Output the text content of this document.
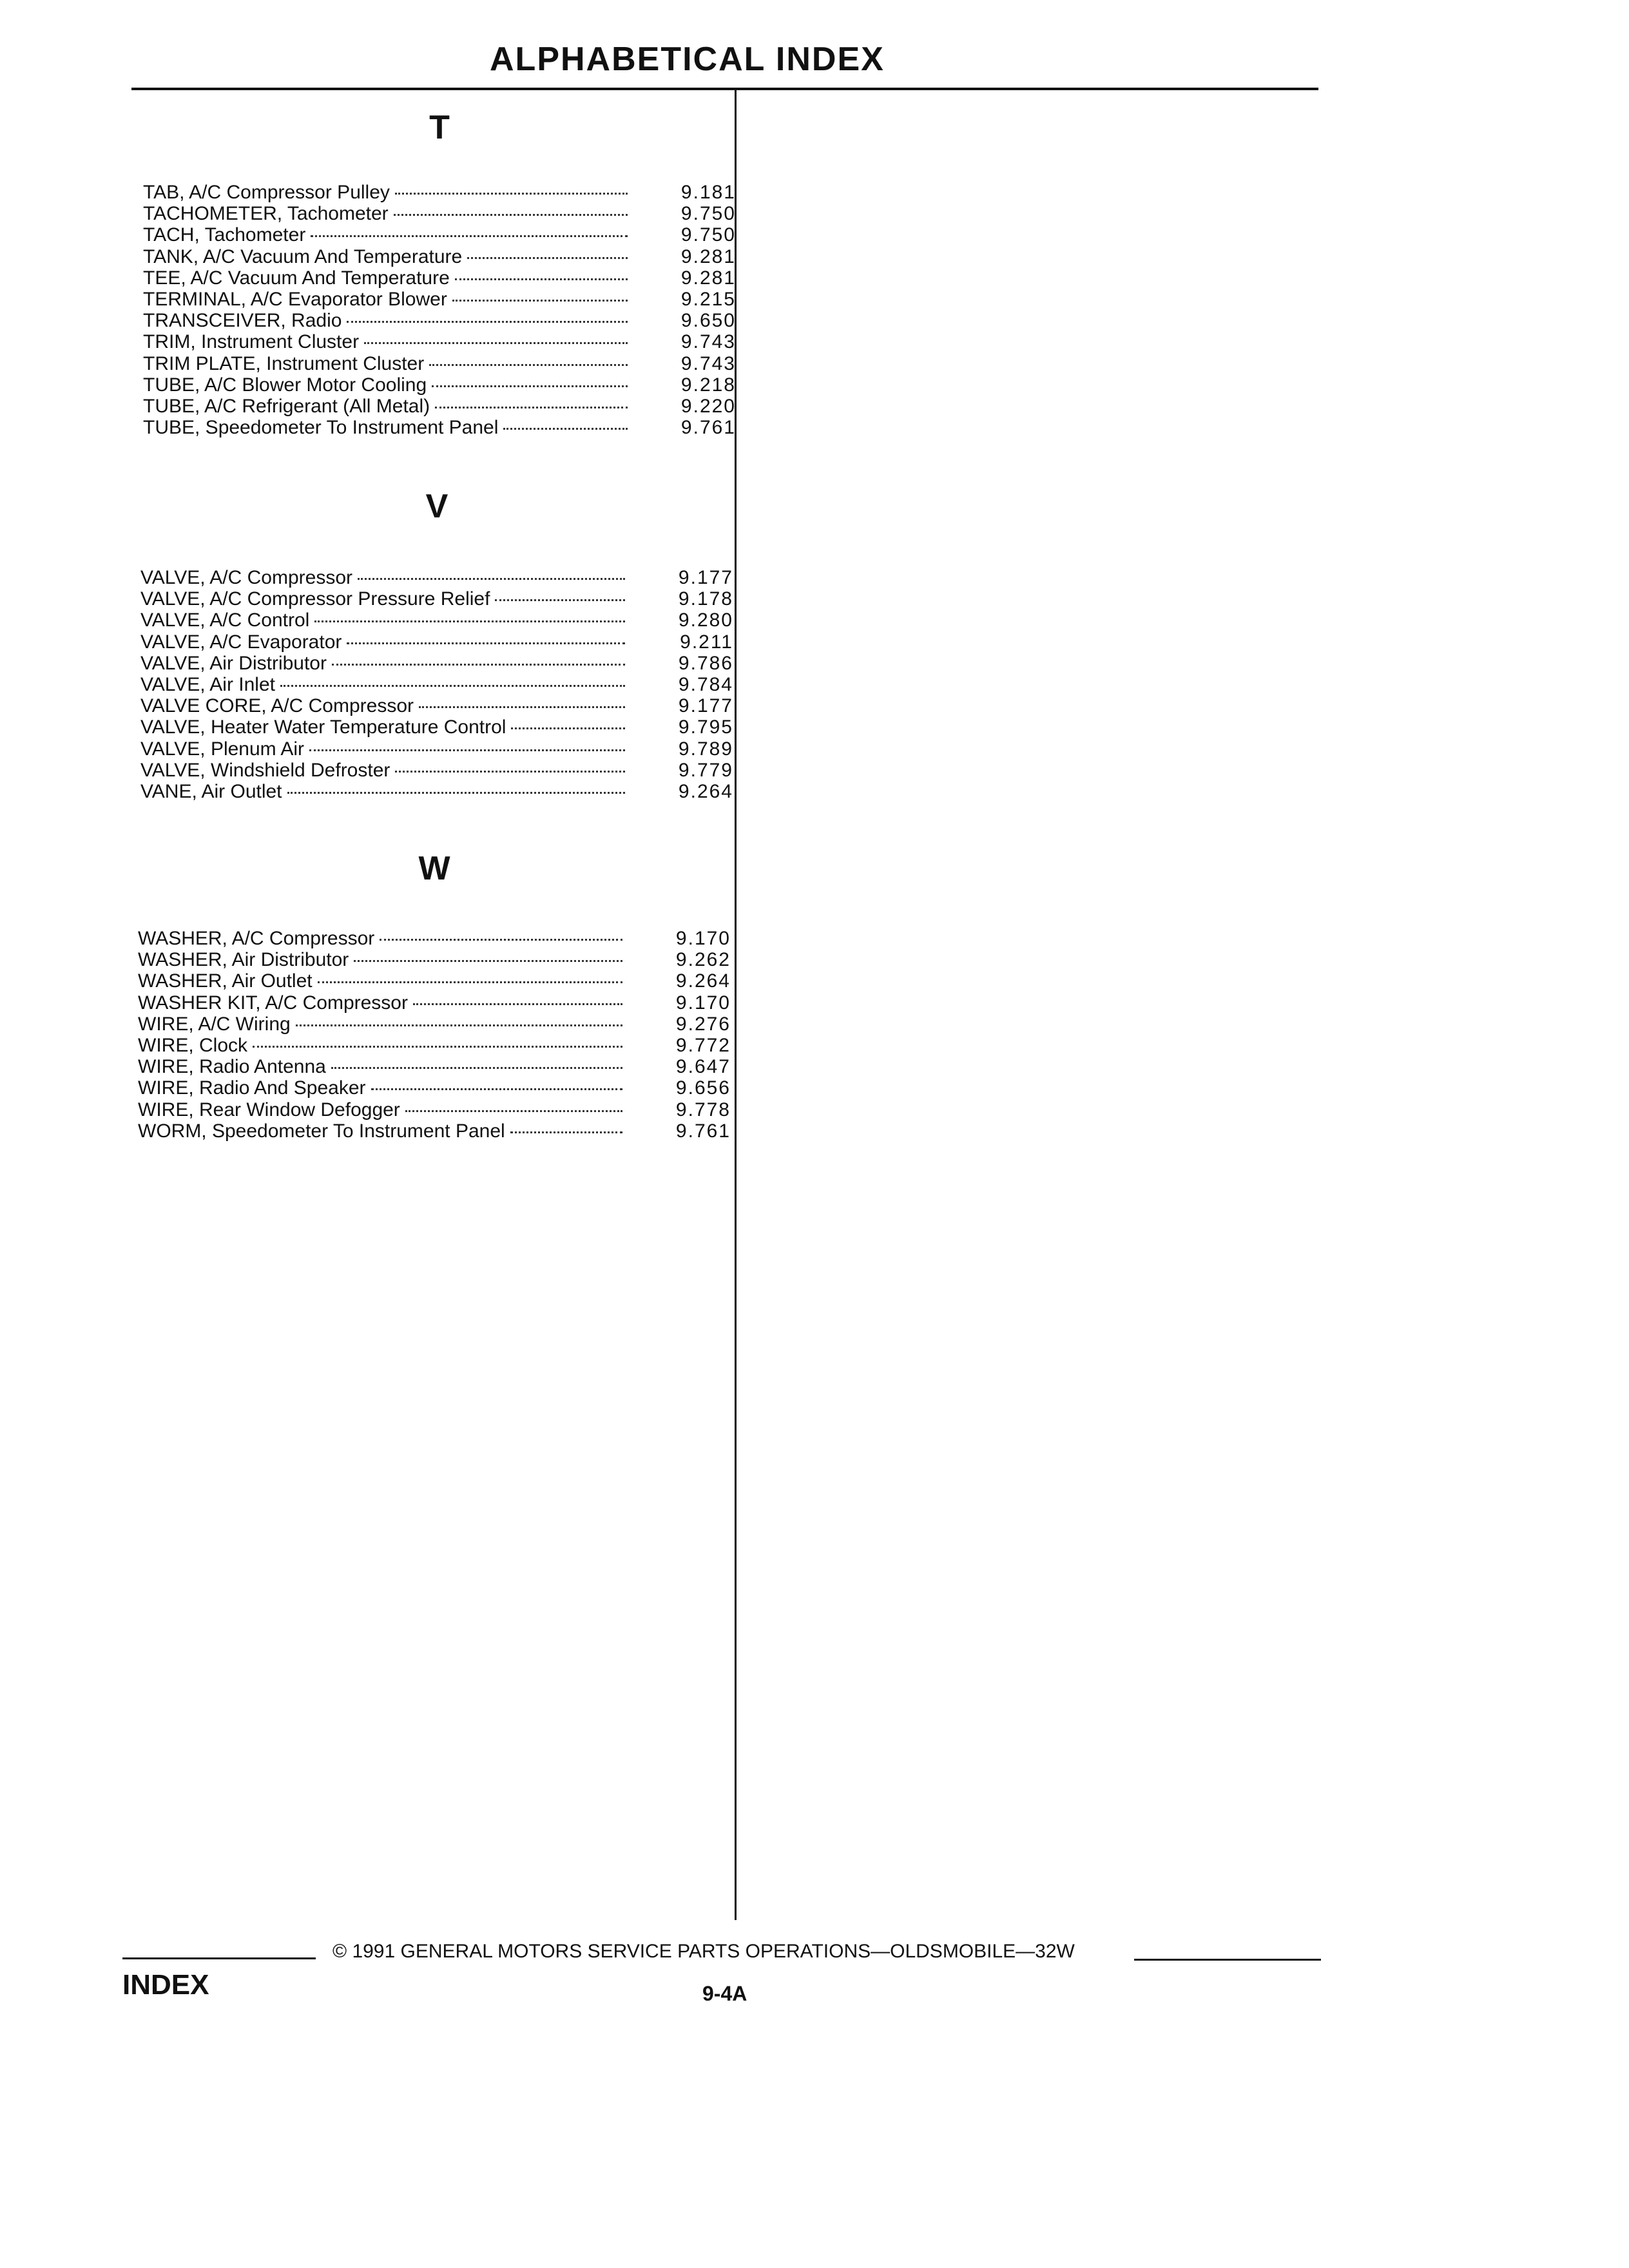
ALPHABETICAL INDEX
T
TAB, A/C Compressor Pulley	9.181
TACHOMETER, Tachometer	9.750
TACH, Tachometer	9.750
TANK, A/C Vacuum And Temperature	9.281
TEE, A/C Vacuum And Temperature	9.281
TERMINAL, A/C Evaporator Blower	9.215
TRANSCEIVER, Radio	9.650
TRIM, Instrument Cluster	9.743
TRIM PLATE, Instrument Cluster	9.743
TUBE, A/C Blower Motor Cooling	9.218
TUBE, A/C Refrigerant (All Metal)	9.220
TUBE, Speedometer To Instrument Panel	9.761
V
VALVE, A/C Compressor	9.177
VALVE, A/C Compressor Pressure Relief	9.178
VALVE, A/C Control	9.280
VALVE, A/C Evaporator	9.211
VALVE, Air Distributor	9.786
VALVE, Air Inlet	9.784
VALVE CORE, A/C Compressor	9.177
VALVE, Heater Water Temperature Control	9.795
VALVE, Plenum Air	9.789
VALVE, Windshield Defroster	9.779
VANE, Air Outlet	9.264
W
WASHER, A/C Compressor	9.170
WASHER, Air Distributor	9.262
WASHER, Air Outlet	9.264
WASHER KIT, A/C Compressor	9.170
WIRE, A/C Wiring	9.276
WIRE, Clock	9.772
WIRE, Radio Antenna	9.647
WIRE, Radio And Speaker	9.656
WIRE, Rear Window Defogger	9.778
WORM, Speedometer To Instrument Panel	9.761
© 1991 GENERAL MOTORS SERVICE PARTS OPERATIONS—OLDSMOBILE—32W
INDEX	9-4A
